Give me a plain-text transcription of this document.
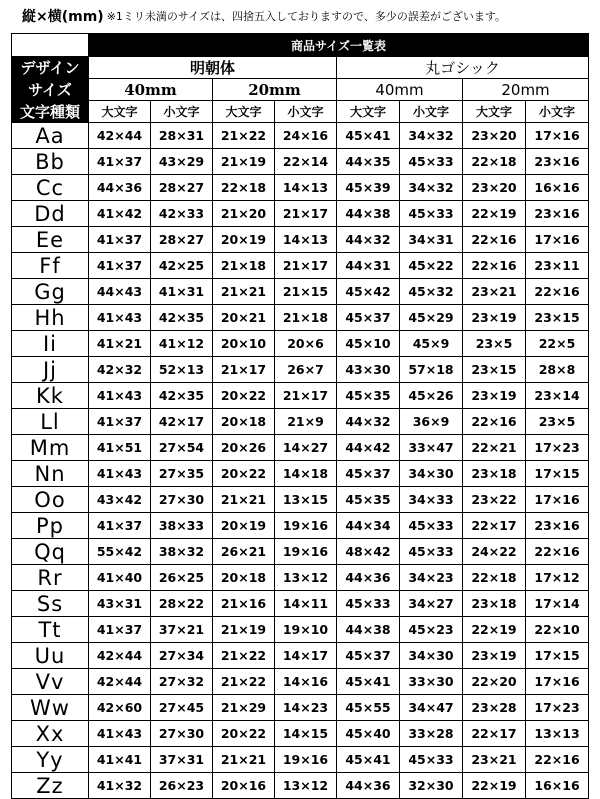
縦×横(mm) ※1ミリ未満のサイズは、四捨五入しておりますので、多少の誤差がございます。
	商品サイズ一覧表							
デザイン	明朝体				丸ゴシック			
サイズ	40mm		20mm		40mm		20mm	
文字種類	大文字	小文字	大文字	小文字	大文字	小文字	大文字	小文字
Aa	42×44	28×31	21×22	24×16	45×41	34×32	23×20	17×16
Bb	41×37	43×29	21×19	22×14	44×35	45×33	22×18	23×16
Cc	44×36	28×27	22×18	14×13	45×39	34×32	23×20	16×16
Dd	41×42	42×33	21×20	21×17	44×38	45×33	22×19	23×16
Ee	41×37	28×27	20×19	14×13	44×32	34×31	22×16	17×16
Ff	41×37	42×25	21×18	21×17	44×31	45×22	22×16	23×11
Gg	44×43	41×31	21×21	21×15	45×42	45×32	23×21	22×16
Hh	41×43	42×35	20×21	21×18	45×37	45×29	23×19	23×15
Ii	41×21	41×12	20×10	20×6	45×10	45×9	23×5	22×5
Jj	42×32	52×13	21×17	26×7	43×30	57×18	23×15	28×8
Kk	41×43	42×35	20×22	21×17	45×35	45×26	23×19	23×14
Ll	41×37	42×17	20×18	21×9	44×32	36×9	22×16	23×5
Mm	41×51	27×54	20×26	14×27	44×42	33×47	22×21	17×23
Nn	41×43	27×35	20×22	14×18	45×37	34×30	23×18	17×15
Oo	43×42	27×30	21×21	13×15	45×35	34×33	23×22	17×16
Pp	41×37	38×33	20×19	19×16	44×34	45×33	22×17	23×16
Qq	55×42	38×32	26×21	19×16	48×42	45×33	24×22	22×16
Rr	41×40	26×25	20×18	13×12	44×36	34×23	22×18	17×12
Ss	43×31	28×22	21×16	14×11	45×33	34×27	23×18	17×14
Tt	41×37	37×21	21×19	19×10	44×38	45×23	22×19	22×10
Uu	42×44	27×34	21×22	14×17	45×37	34×30	23×19	17×15
Vv	42×44	27×32	21×22	14×16	45×41	33×30	22×20	17×16
Ww	42×60	27×45	21×29	14×23	45×55	34×47	23×28	17×23
Xx	41×43	27×30	20×22	14×15	45×40	33×28	22×17	13×13
Yy	41×41	37×31	21×21	19×16	45×41	45×33	23×21	22×16
Zz	41×32	26×23	20×16	13×12	44×36	32×30	22×19	16×16
